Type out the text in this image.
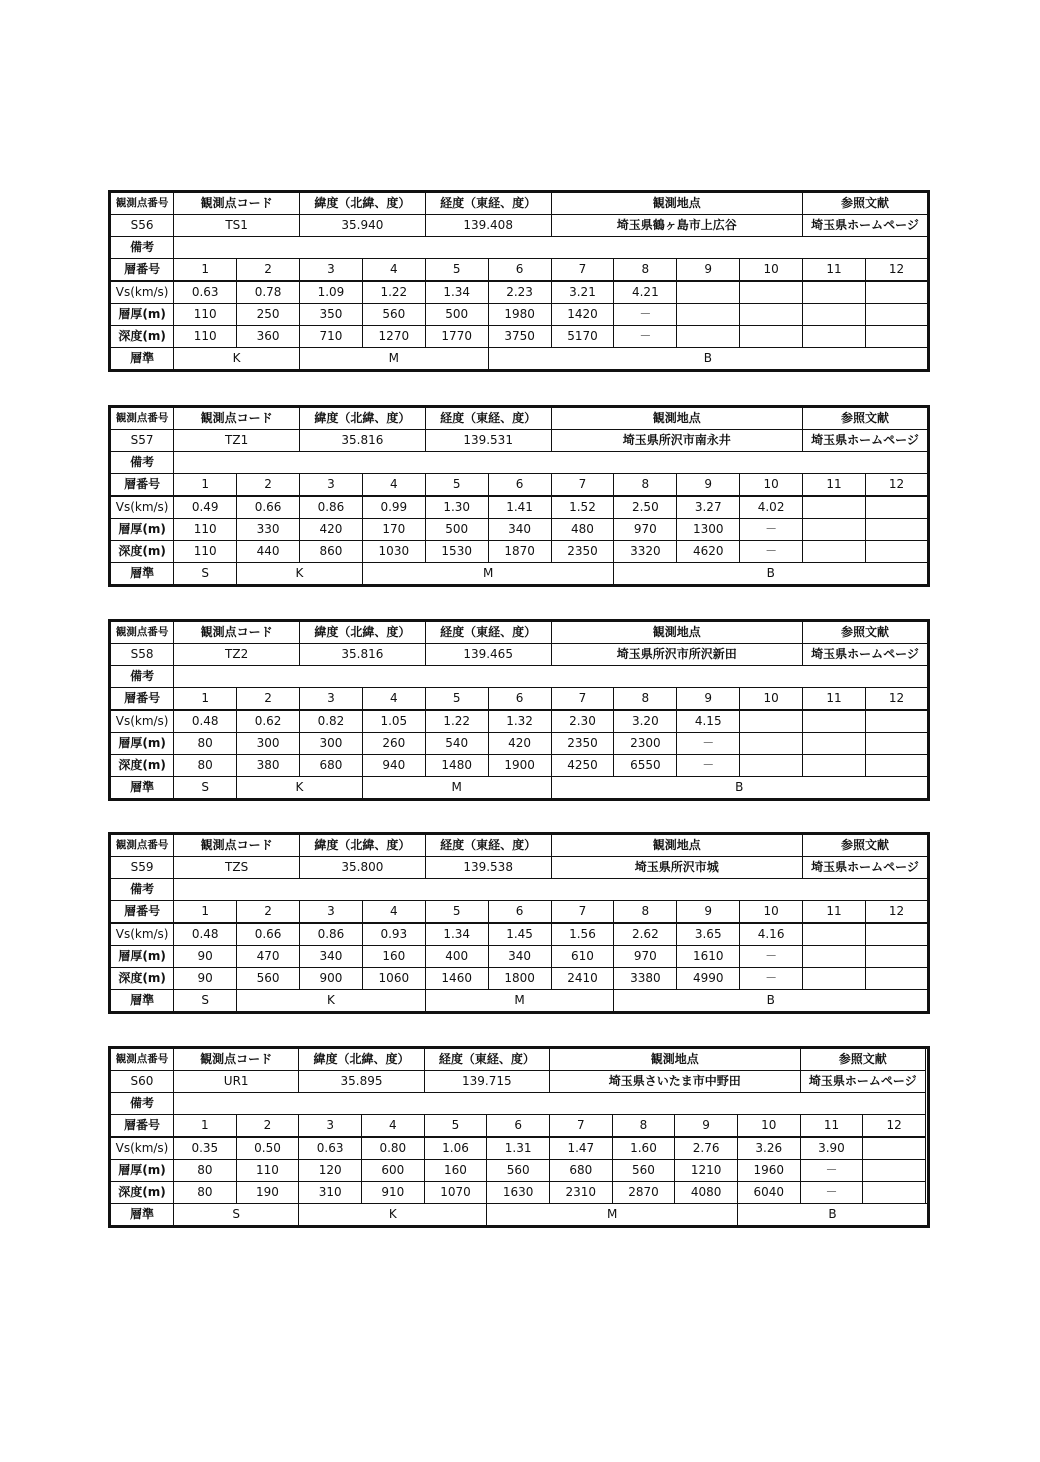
観測点番号	観測点コード		緯度（北緯、度）		経度（東経、度）		観測地点				参照文献	
S56	TS1		35.940		139.408		埼玉県鶴ヶ島市上広谷				埼玉県ホームページ	
備考												
層番号	1	2	3	4	5	6	7	8	9	10	11	12
Vs(km/s)	0.63	0.78	1.09	1.22	1.34	2.23	3.21	4.21				
層厚(m)	110	250	350	560	500	1980	1420	－				
深度(m)	110	360	710	1270	1770	3750	5170	－				
層準	K		M			B						
観測点番号	観測点コード		緯度（北緯、度）		経度（東経、度）		観測地点				参照文献	
S57	TZ1		35.816		139.531		埼玉県所沢市南永井				埼玉県ホームページ	
備考												
層番号	1	2	3	4	5	6	7	8	9	10	11	12
Vs(km/s)	0.49	0.66	0.86	0.99	1.30	1.41	1.52	2.50	3.27	4.02		
層厚(m)	110	330	420	170	500	340	480	970	1300	－		
深度(m)	110	440	860	1030	1530	1870	2350	3320	4620	－		
層準	S	K		M				B				
観測点番号	観測点コード		緯度（北緯、度）		経度（東経、度）		観測地点				参照文献	
S58	TZ2		35.816		139.465		埼玉県所沢市所沢新田				埼玉県ホームページ	
備考												
層番号	1	2	3	4	5	6	7	8	9	10	11	12
Vs(km/s)	0.48	0.62	0.82	1.05	1.22	1.32	2.30	3.20	4.15			
層厚(m)	80	300	300	260	540	420	2350	2300	－			
深度(m)	80	380	680	940	1480	1900	4250	6550	－			
層準	S	K		M			B					
観測点番号	観測点コード		緯度（北緯、度）		経度（東経、度）		観測地点				参照文献	
S59	TZS		35.800		139.538		埼玉県所沢市城				埼玉県ホームページ	
備考												
層番号	1	2	3	4	5	6	7	8	9	10	11	12
Vs(km/s)	0.48	0.66	0.86	0.93	1.34	1.45	1.56	2.62	3.65	4.16		
層厚(m)	90	470	340	160	400	340	610	970	1610	－		
深度(m)	90	560	900	1060	1460	1800	2410	3380	4990	－		
層準	S	K			M			B				
観測点番号	観測点コード		緯度（北緯、度）		経度（東経、度）		観測地点				参照文献	
S60	UR1		35.895		139.715		埼玉県さいたま市中野田				埼玉県ホームページ	
備考												
層番号	1	2	3	4	5	6	7	8	9	10	11	12
Vs(km/s)	0.35	0.50	0.63	0.80	1.06	1.31	1.47	1.60	2.76	3.26	3.90	
層厚(m)	80	110	120	600	160	560	680	560	1210	1960	－	
深度(m)	80	190	310	910	1070	1630	2310	2870	4080	6040	－	
層準	S		K			M				B		
